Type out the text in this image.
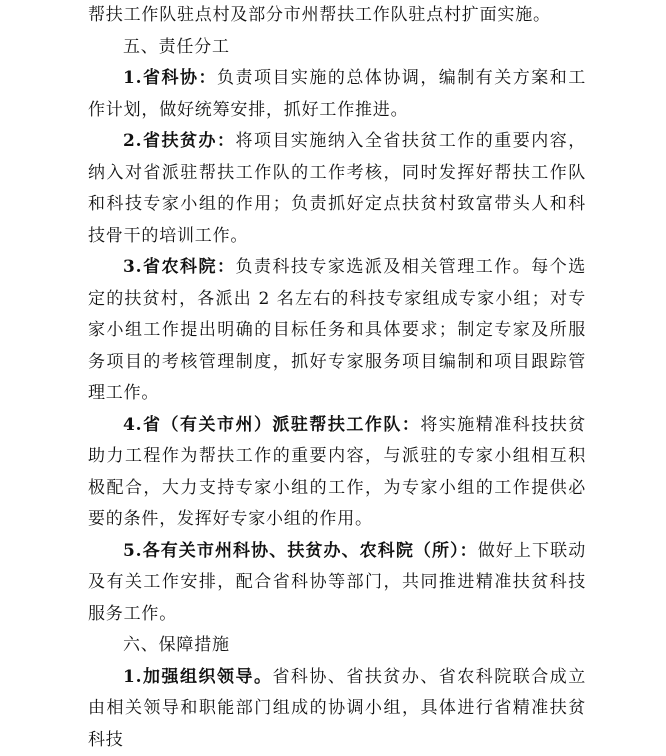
帮扶工作队驻点村及部分市州帮扶工作队驻点村扩面实施。

五、责任分工

1.省科协：负责项目实施的总体协调，编制有关方案和工作计划，做好统筹安排，抓好工作推进。

2.省扶贫办：将项目实施纳入全省扶贫工作的重要内容，纳入对省派驻帮扶工作队的工作考核，同时发挥好帮扶工作队和科技专家小组的作用；负责抓好定点扶贫村致富带头人和科技骨干的培训工作。

3.省农科院：负责科技专家选派及相关管理工作。每个选定的扶贫村，各派出 2 名左右的科技专家组成专家小组；对专家小组工作提出明确的目标任务和具体要求；制定专家及所服务项目的考核管理制度，抓好专家服务项目编制和项目跟踪管理工作。

4.省（有关市州）派驻帮扶工作队：将实施精准科技扶贫助力工程作为帮扶工作的重要内容，与派驻的专家小组相互积极配合，大力支持专家小组的工作，为专家小组的工作提供必要的条件，发挥好专家小组的作用。

5.各有关市州科协、扶贫办、农科院（所）：做好上下联动及有关工作安排，配合省科协等部门，共同推进精准扶贫科技服务工作。

六、保障措施

1.加强组织领导。省科协、省扶贫办、省农科院联合成立由相关领导和职能部门组成的协调小组，具体进行省精准扶贫科技
